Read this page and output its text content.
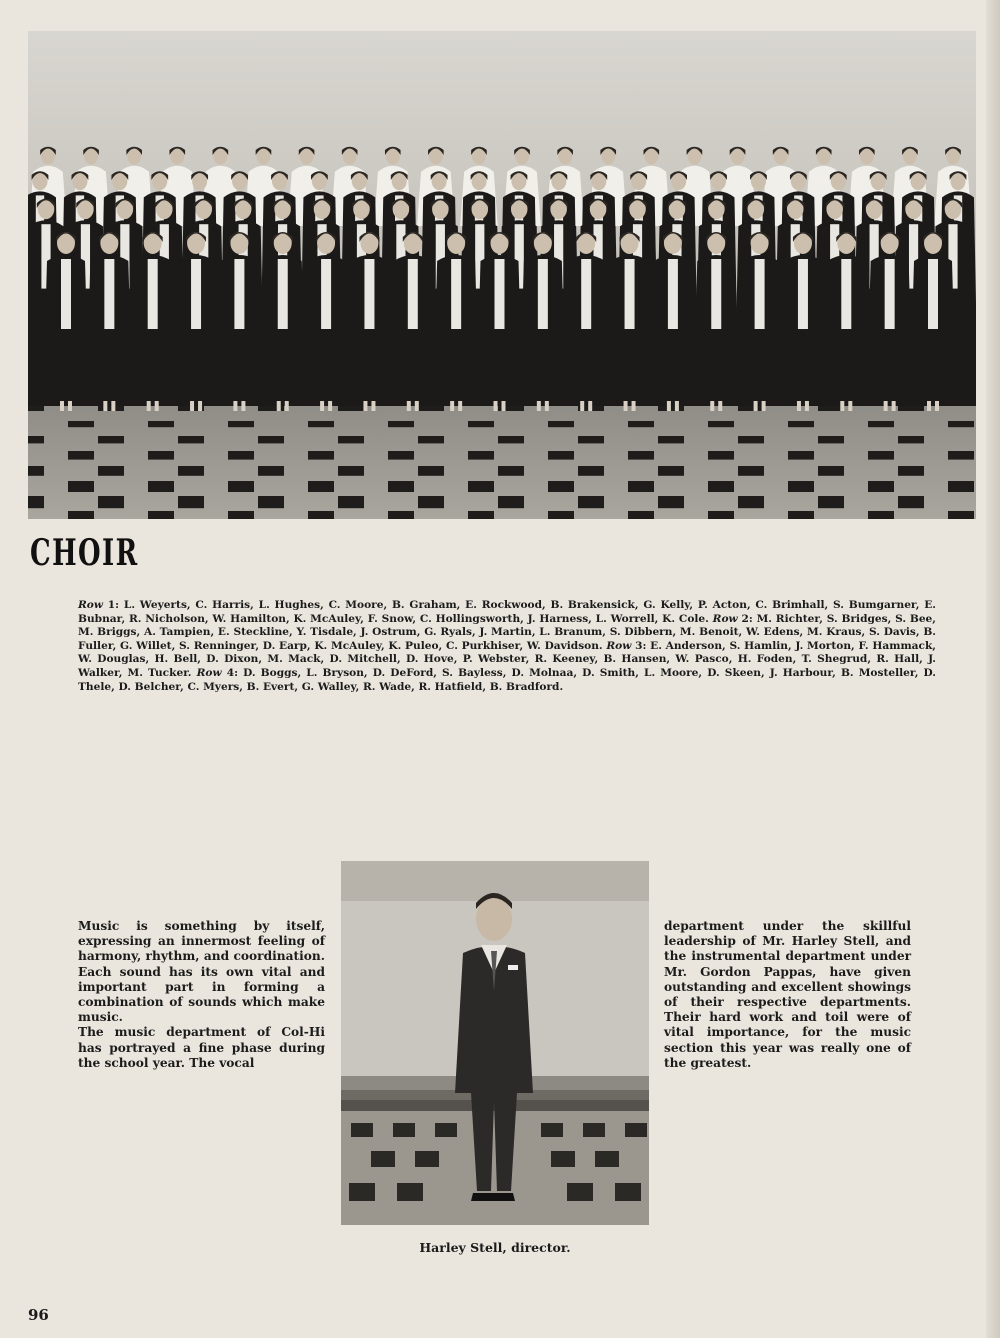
CHOIR

Row 1: L. Weyerts, C. Harris, L. Hughes, C. Moore, B. Graham, E. Rockwood, B. Brakensick, G. Kelly, P. Acton, C. Brimhall, S. Bumgarner, E. Bubnar, R. Nicholson, W. Hamilton, K. McAuley, F. Snow, C. Hollingsworth, J. Harness, L. Worrell, K. Cole. Row 2: M. Richter, S. Bridges, S. Bee, M. Briggs, A. Tampien, E. Steckline, Y. Tisdale, J. Ostrum, G. Ryals, J. Martin, L. Branum, S. Dibbern, M. Benoit, W. Edens, M. Kraus, S. Davis, B. Fuller, G. Willet, S. Renninger, D. Earp, K. McAuley, K. Puleo, C. Purkhiser, W. Davidson. Row 3: E. Anderson, S. Hamlin, J. Morton, F. Hammack, W. Douglas, H. Bell, D. Dixon, M. Mack, D. Mitchell, D. Hove, P. Webster, R. Keeney, B. Hansen, W. Pasco, H. Foden, T. Shegrud, R. Hall, J. Walker, M. Tucker. Row 4: D. Boggs, L. Bryson, D. DeFord, S. Bayless, D. Molnaa, D. Smith, L. Moore, D. Skeen, J. Harbour, B. Mosteller, D. Thele, D. Belcher, C. Myers, B. Evert, G. Walley, R. Wade, R. Hatfield, B. Bradford.

Music is something by itself, expressing an innermost feeling of harmony, rhythm, and coordination. Each sound has its own vital and important part in forming a combination of sounds which make music.

The music department of Col-Hi has portrayed a fine phase during the school year. The vocal

department under the skillful leadership of Mr. Harley Stell, and the instrumental department under Mr. Gordon Pappas, have given outstanding and excellent showings of their respective departments. Their hard work and toil were of vital importance, for the music section this year was really one of the greatest.

Harley Stell, director.

96
